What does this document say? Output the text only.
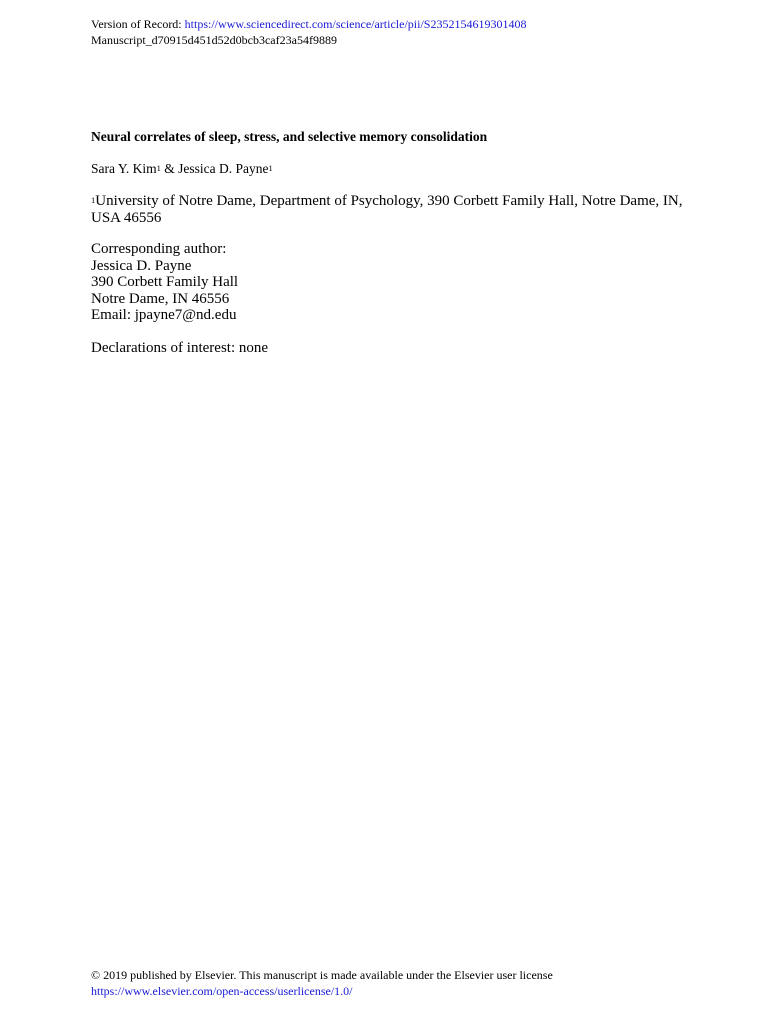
Version of Record: https://www.sciencedirect.com/science/article/pii/S2352154619301408
Manuscript_d70915d451d52d0bcb3caf23a54f9889
Neural correlates of sleep, stress, and selective memory consolidation
Sara Y. Kim$^1$ & Jessica D. Payne$^1$
$^1$University of Notre Dame, Department of Psychology, 390 Corbett Family Hall, Notre Dame, IN, USA 46556
Corresponding author:
Jessica D. Payne
390 Corbett Family Hall
Notre Dame, IN 46556
Email: jpayne7@nd.edu
Declarations of interest: none
© 2019 published by Elsevier. This manuscript is made available under the Elsevier user license
https://www.elsevier.com/open-access/userlicense/1.0/
